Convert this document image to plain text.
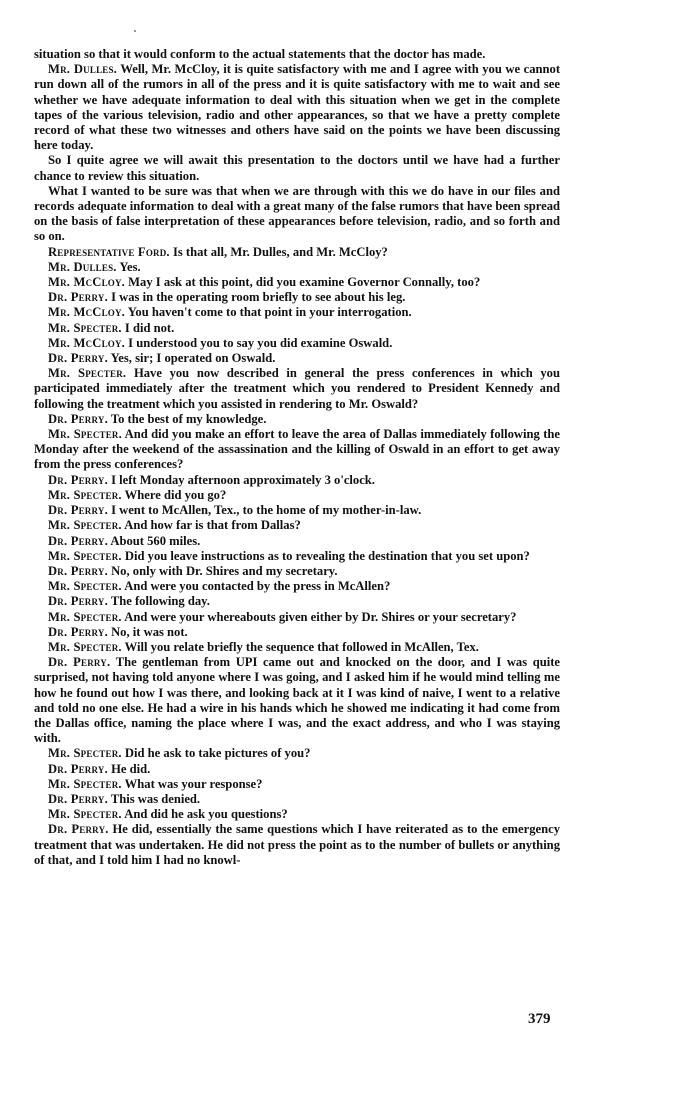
situation so that it would conform to the actual statements that the doctor has made.

Mr. Dulles. Well, Mr. McCloy, it is quite satisfactory with me and I agree with you we cannot run down all of the rumors in all of the press and it is quite satisfactory with me to wait and see whether we have adequate information to deal with this situation when we get in the complete tapes of the various television, radio and other appearances, so that we have a pretty complete record of what these two witnesses and others have said on the points we have been discussing here today.

So I quite agree we will await this presentation to the doctors until we have had a further chance to review this situation.

What I wanted to be sure was that when we are through with this we do have in our files and records adequate information to deal with a great many of the false rumors that have been spread on the basis of false interpretation of these appearances before television, radio, and so forth and so on.

Representative Ford. Is that all, Mr. Dulles, and Mr. McCloy?

Mr. Dulles. Yes.

Mr. McCloy. May I ask at this point, did you examine Governor Connally, too?

Dr. Perry. I was in the operating room briefly to see about his leg.

Mr. McCloy. You haven't come to that point in your interrogation.

Mr. Specter. I did not.

Mr. McCloy. I understood you to say you did examine Oswald.

Dr. Perry. Yes, sir; I operated on Oswald.

Mr. Specter. Have you now described in general the press conferences in which you participated immediately after the treatment which you rendered to President Kennedy and following the treatment which you assisted in rendering to Mr. Oswald?

Dr. Perry. To the best of my knowledge.

Mr. Specter. And did you make an effort to leave the area of Dallas immediately following the Monday after the weekend of the assassination and the killing of Oswald in an effort to get away from the press conferences?

Dr. Perry. I left Monday afternoon approximately 3 o'clock.

Mr. Specter. Where did you go?

Dr. Perry. I went to McAllen, Tex., to the home of my mother-in-law.

Mr. Specter. And how far is that from Dallas?

Dr. Perry. About 560 miles.

Mr. Specter. Did you leave instructions as to revealing the destination that you set upon?

Dr. Perry. No, only with Dr. Shires and my secretary.

Mr. Specter. And were you contacted by the press in McAllen?

Dr. Perry. The following day.

Mr. Specter. And were your whereabouts given either by Dr. Shires or your secretary?

Dr. Perry. No, it was not.

Mr. Specter. Will you relate briefly the sequence that followed in McAllen, Tex.

Dr. Perry. The gentleman from UPI came out and knocked on the door, and I was quite surprised, not having told anyone where I was going, and I asked him if he would mind telling me how he found out how I was there, and looking back at it I was kind of naive, I went to a relative and told no one else. He had a wire in his hands which he showed me indicating it had come from the Dallas office, naming the place where I was, and the exact address, and who I was staying with.

Mr. Specter. Did he ask to take pictures of you?

Dr. Perry. He did.

Mr. Specter. What was your response?

Dr. Perry. This was denied.

Mr. Specter. And did he ask you questions?

Dr. Perry. He did, essentially the same questions which I have reiterated as to the emergency treatment that was undertaken. He did not press the point as to the number of bullets or anything of that, and I told him I had no knowl-

379
